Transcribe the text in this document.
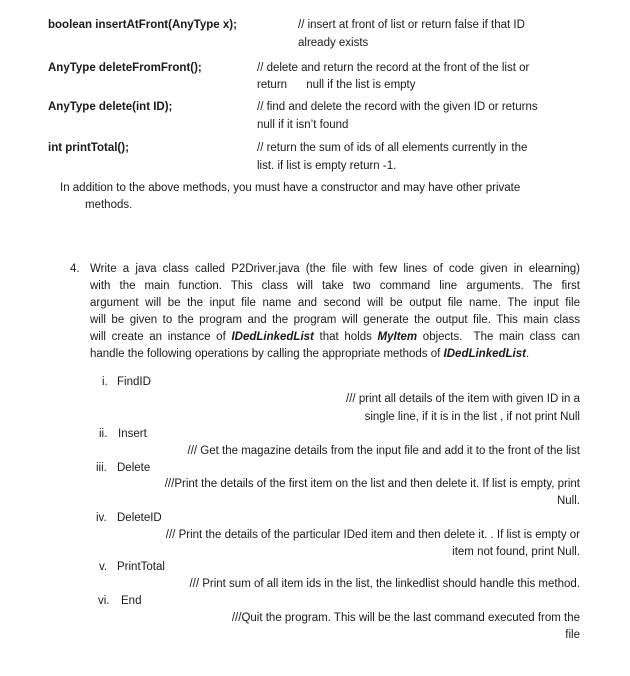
boolean insertAtFront(AnyType x);	// insert at front of list or return false if that ID
already exists
AnyType deleteFromFront();	// delete and return the record at the front of the list or
return      null if the list is empty
AnyType delete(int ID);	// find and delete the record with the given ID or returns
null if it isn’t found
int printTotal();	// return the sum of ids of all elements currently in the
list. if list is empty return -1.
In addition to the above methods, you must have a constructor and may have other private
methods.
4. Write a java class called P2Driver.java (the file with few lines of code given in elearning)
with the main function. This class will take two command line arguments. The first
argument will be the input file name and second will be output file name. The input file
will be given to the program and the program will generate the output file. This main class
will create an instance of IDedLinkedList that holds MyItem objects.  The main class can
handle the following operations by calling the appropriate methods of IDedLinkedList.
i. FindID
/// print all details of the item with given ID in a
single line, if it is in the list , if not print Null
ii. Insert
/// Get the magazine details from the input file and add it to the front of the list
iii. Delete
///Print the details of the first item on the list and then delete it. If list is empty, print
Null.
iv. DeleteID
/// Print the details of the particular IDed item and then delete it. . If list is empty or
item not found, print Null.
v. PrintTotal
/// Print sum of all item ids in the list, the linkedlist should handle this method.
vi. End
///Quit the program. This will be the last command executed from the
file
